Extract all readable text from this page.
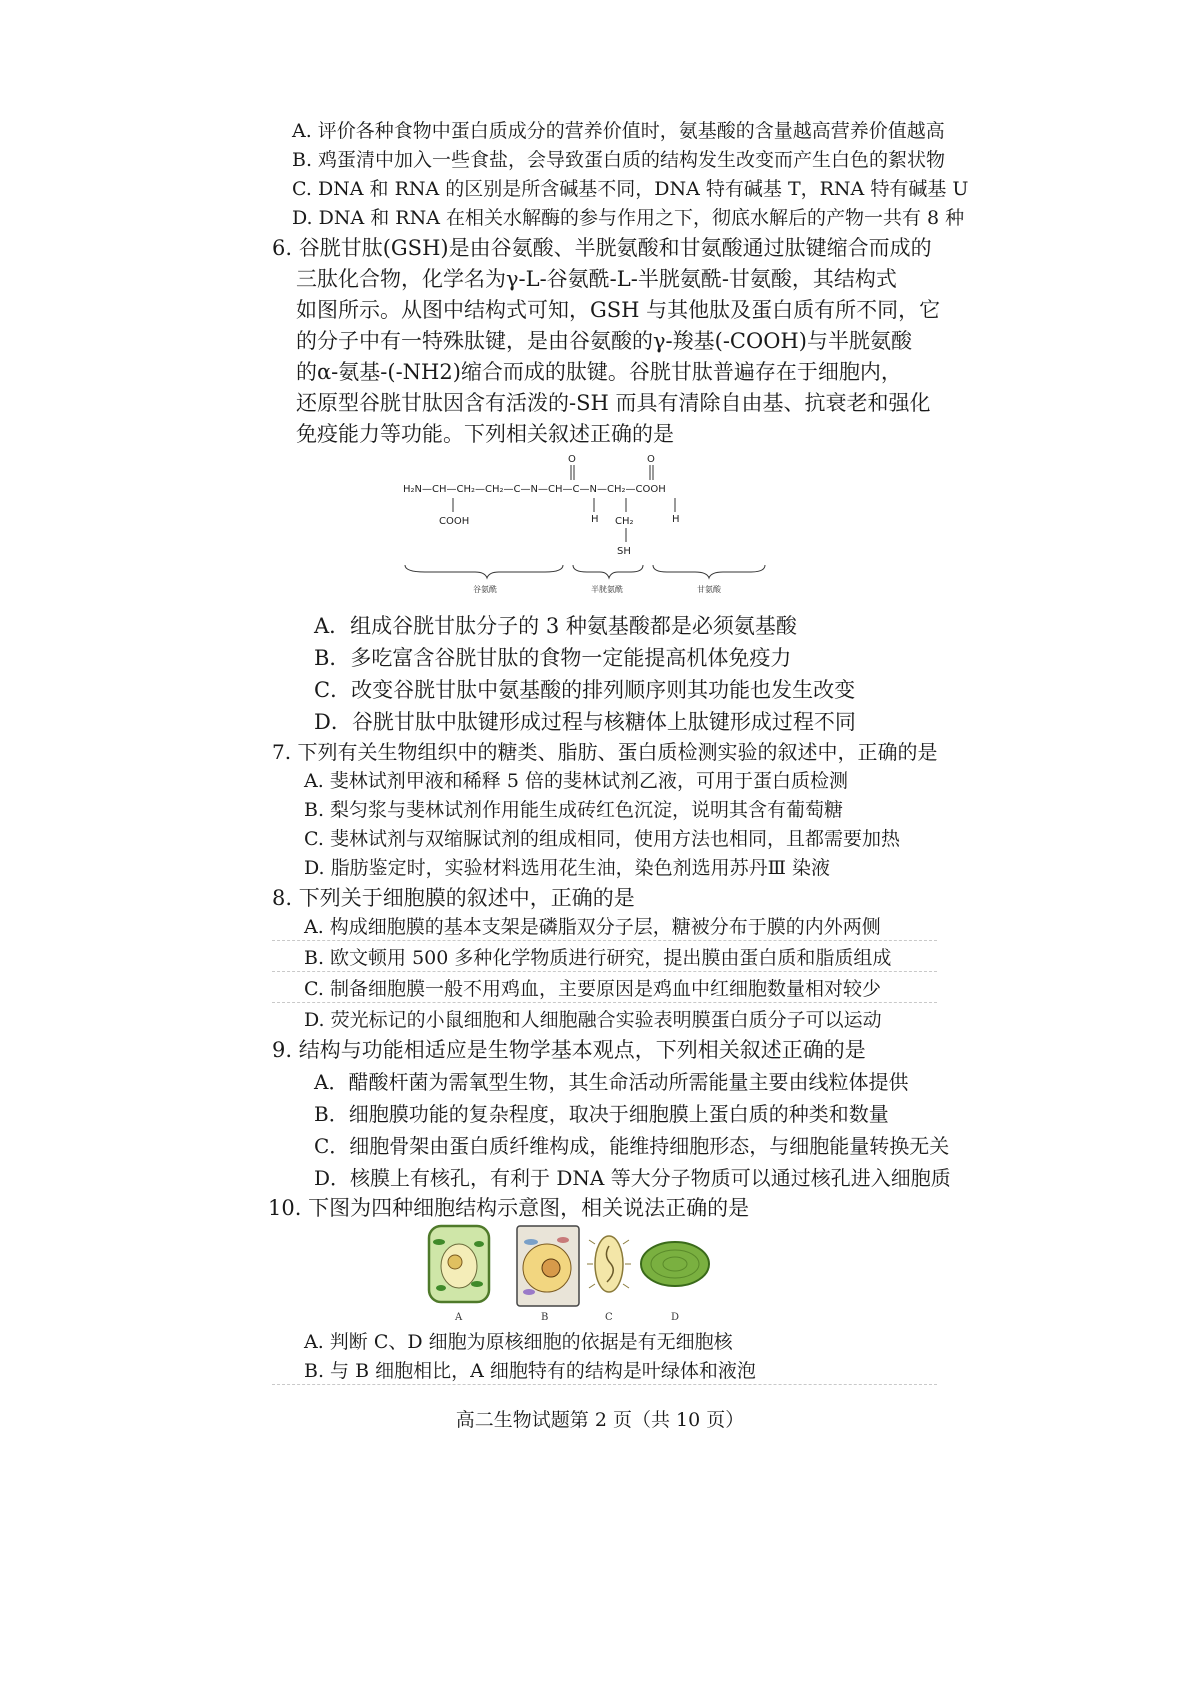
A. 评价各种食物中蛋白质成分的营养价值时，氨基酸的含量越高营养价值越高
B. 鸡蛋清中加入一些食盐，会导致蛋白质的结构发生改变而产生白色的絮状物
C. DNA 和 RNA 的区别是所含碱基不同，DNA 特有碱基 T，RNA 特有碱基 U
D. DNA 和 RNA 在相关水解酶的参与作用之下，彻底水解后的产物一共有 8 种
6. 谷胱甘肽(GSH)是由谷氨酸、半胱氨酸和甘氨酸通过肽键缩合而成的
三肽化合物，化学名为γ-L-谷氨酰-L-半胱氨酰-甘氨酸，其结构式
如图所示。从图中结构式可知，GSH 与其他肽及蛋白质有所不同，它
的分子中有一特殊肽键，是由谷氨酸的γ-羧基(-COOH)与半胱氨酸
的α-氨基-(-NH2)缩合而成的肽键。谷胱甘肽普遍存在于细胞内，
还原型谷胱甘肽因含有活泼的-SH 而具有清除自由基、抗衰老和强化
免疫能力等功能。下列相关叙述正确的是
O	O
H₂N—CH—CH₂—CH₂—C—N—CH—C—N—CH₂—COOH
COOH	H CH₂	H
SH
谷氨酰	半胱氨酰	甘氨酸
A．组成谷胱甘肽分子的 3 种氨基酸都是必须氨基酸
B．多吃富含谷胱甘肽的食物一定能提高机体免疫力
C．改变谷胱甘肽中氨基酸的排列顺序则其功能也发生改变
D．谷胱甘肽中肽键形成过程与核糖体上肽键形成过程不同
7. 下列有关生物组织中的糖类、脂肪、蛋白质检测实验的叙述中，正确的是
A. 斐林试剂甲液和稀释 5 倍的斐林试剂乙液，可用于蛋白质检测
B. 梨匀浆与斐林试剂作用能生成砖红色沉淀，说明其含有葡萄糖
C. 斐林试剂与双缩脲试剂的组成相同，使用方法也相同，且都需要加热
D. 脂肪鉴定时，实验材料选用花生油，染色剂选用苏丹Ⅲ 染液
8. 下列关于细胞膜的叙述中，正确的是
A. 构成细胞膜的基本支架是磷脂双分子层，糖被分布于膜的内外两侧
B. 欧文顿用 500 多种化学物质进行研究，提出膜由蛋白质和脂质组成
C. 制备细胞膜一般不用鸡血，主要原因是鸡血中红细胞数量相对较少
D. 荧光标记的小鼠细胞和人细胞融合实验表明膜蛋白质分子可以运动
9. 结构与功能相适应是生物学基本观点，下列相关叙述正确的是
A．醋酸杆菌为需氧型生物，其生命活动所需能量主要由线粒体提供
B．细胞膜功能的复杂程度，取决于细胞膜上蛋白质的种类和数量
C．细胞骨架由蛋白质纤维构成，能维持细胞形态，与细胞能量转换无关
D．核膜上有核孔，有利于 DNA 等大分子物质可以通过核孔进入细胞质
10. 下图为四种细胞结构示意图，相关说法正确的是
A	B	C	D
A. 判断 C、D 细胞为原核细胞的依据是有无细胞核
B. 与 B 细胞相比，A 细胞特有的结构是叶绿体和液泡
高二生物试题第 2 页（共 10 页）
